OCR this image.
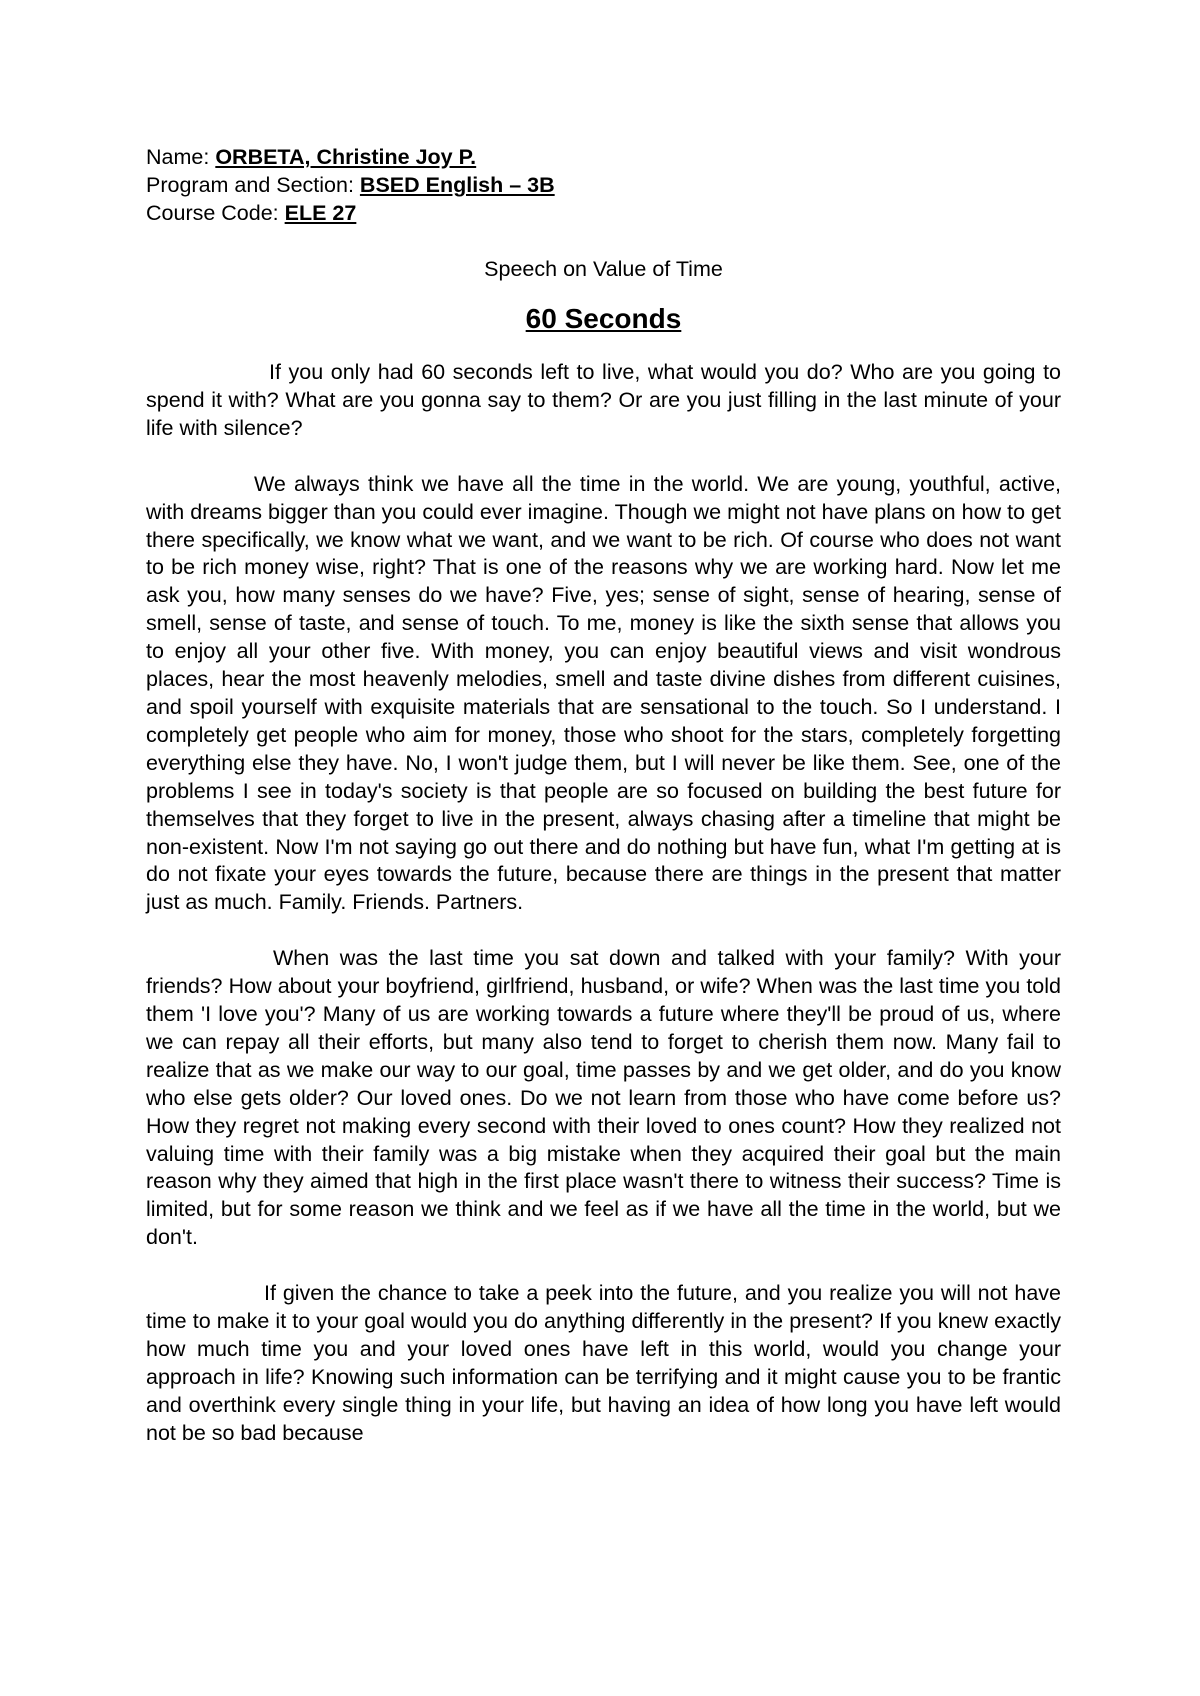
Name: ORBETA, Christine Joy P.

Program and Section: BSED English – 3B

Course Code: ELE 27

Speech on Value of Time

60 Seconds

If you only had 60 seconds left to live, what would you do? Who are you going to spend it with? What are you gonna say to them? Or are you just filling in the last minute of your life with silence?

We always think we have all the time in the world. We are young, youthful, active, with dreams bigger than you could ever imagine. Though we might not have plans on how to get there specifically, we know what we want, and we want to be rich. Of course who does not want to be rich money wise, right? That is one of the reasons why we are working hard. Now let me ask you, how many senses do we have? Five, yes; sense of sight, sense of hearing, sense of smell, sense of taste, and sense of touch. To me, money is like the sixth sense that allows you to enjoy all your other five. With money, you can enjoy beautiful views and visit wondrous places, hear the most heavenly melodies, smell and taste divine dishes from different cuisines, and spoil yourself with exquisite materials that are sensational to the touch. So I understand. I completely get people who aim for money, those who shoot for the stars, completely forgetting everything else they have. No, I won't judge them, but I will never be like them. See, one of the problems I see in today's society is that people are so focused on building the best future for themselves that they forget to live in the present, always chasing after a timeline that might be non-existent. Now I'm not saying go out there and do nothing but have fun, what I'm getting at is do not fixate your eyes towards the future, because there are things in the present that matter just as much. Family. Friends. Partners.

When was the last time you sat down and talked with your family? With your friends? How about your boyfriend, girlfriend, husband, or wife? When was the last time you told them 'I love you'? Many of us are working towards a future where they'll be proud of us, where we can repay all their efforts, but many also tend to forget to cherish them now. Many fail to realize that as we make our way to our goal, time passes by and we get older, and do you know who else gets older? Our loved ones. Do we not learn from those who have come before us? How they regret not making every second with their loved to ones count? How they realized not valuing time with their family was a big mistake when they acquired their goal but the main reason why they aimed that high in the first place wasn't there to witness their success? Time is limited, but for some reason we think and we feel as if we have all the time in the world, but we don't.

If given the chance to take a peek into the future, and you realize you will not have time to make it to your goal would you do anything differently in the present? If you knew exactly how much time you and your loved ones have left in this world, would you change your approach in life? Knowing such information can be terrifying and it might cause you to be frantic and overthink every single thing in your life, but having an idea of how long you have left would not be so bad because
